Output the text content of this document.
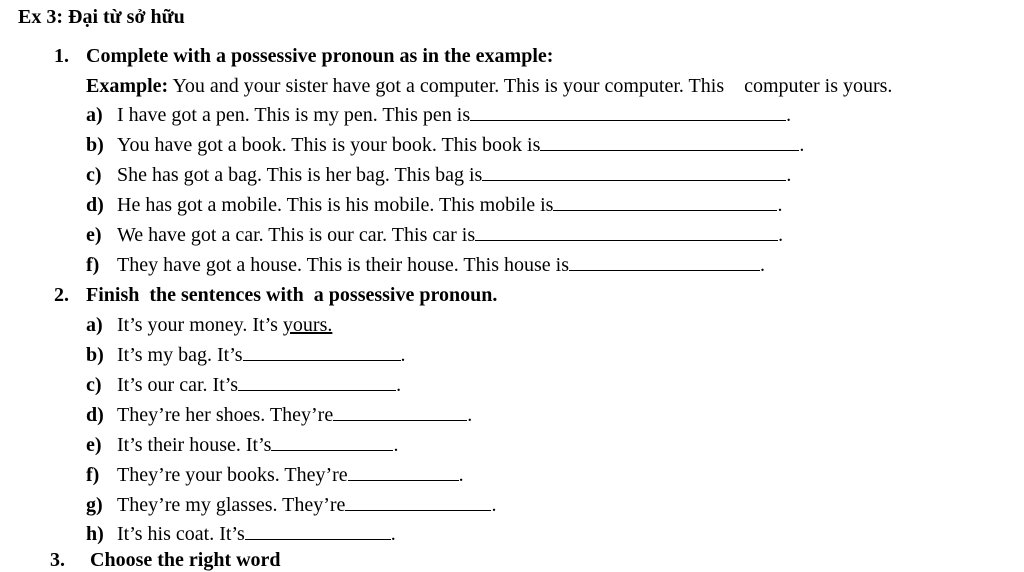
Ex 3: Đại từ sở hữu
1. Complete with a possessive pronoun as in the example:
Example: You and your sister have got a computer. This is your computer. This    computer is yours.
a) I have got a pen. This is my pen. This pen is	.
b) You have got a book. This is your book. This book is	.
c) She has got a bag. This is her bag. This bag is	.
d) He has got a mobile. This is his mobile. This mobile is	.
e) We have got a car. This is our car. This car is	.
f) They have got a house. This is their house. This house is	.
2. Finish  the sentences with  a possessive pronoun.
a) It’s your money. It’s yours.
b) It’s my bag. It’s	.
c) It’s our car. It’s	.
d) They’re her shoes. They’re	.
e) It’s their house. It’s	.
f) They’re your books. They’re	.
g) They’re my glasses. They’re	.
h) It’s his coat. It’s	.
3.     Choose the right word
